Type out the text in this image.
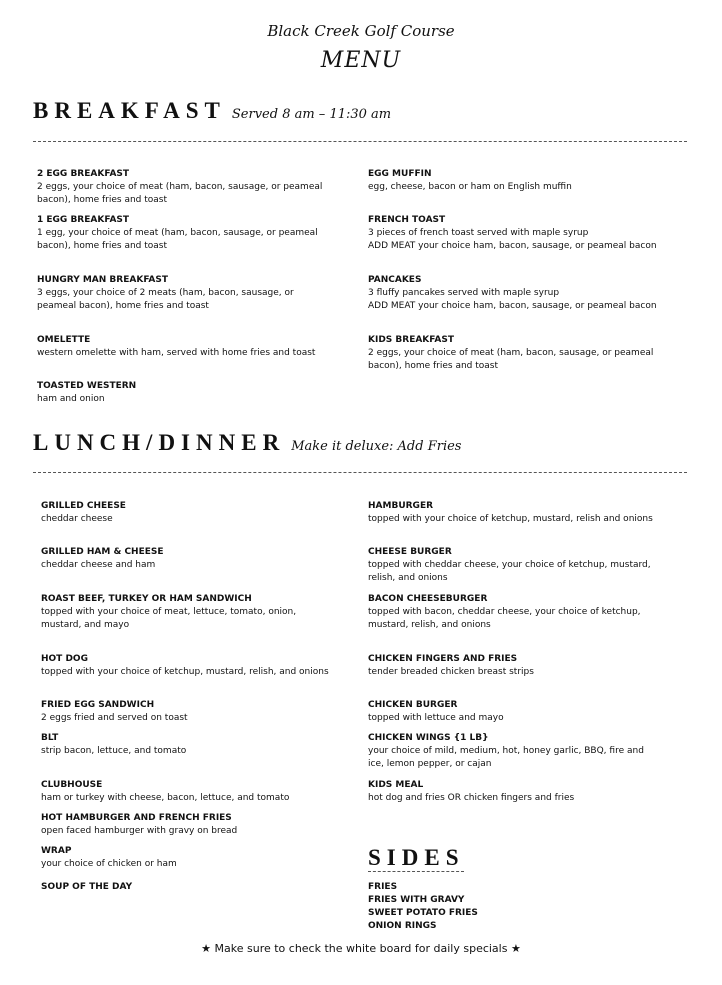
Black Creek Golf Course
MENU
BREAKFAST Served 8 am – 11:30 am
2 EGG BREAKFAST
2 eggs, your choice of meat (ham, bacon, sausage, or peameal bacon), home fries and toast
1 EGG BREAKFAST
1 egg, your choice of meat (ham, bacon, sausage, or peameal bacon), home fries and toast
HUNGRY MAN BREAKFAST
3 eggs, your choice of 2 meats (ham, bacon, sausage, or peameal bacon), home fries and toast
OMELETTE
western omelette with ham, served with home fries and toast
TOASTED WESTERN
ham and onion
EGG MUFFIN
egg, cheese, bacon or ham on English muffin
FRENCH TOAST
3 pieces of french toast served with maple syrup
ADD MEAT your choice ham, bacon, sausage, or peameal bacon
PANCAKES
3 fluffy pancakes served with maple syrup
ADD MEAT your choice ham, bacon, sausage, or peameal bacon
KIDS BREAKFAST
2 eggs, your choice of meat (ham, bacon, sausage, or peameal bacon), home fries and toast
LUNCH/DINNER Make it deluxe: Add Fries
GRILLED CHEESE
cheddar cheese
GRILLED HAM & CHEESE
cheddar cheese and ham
ROAST BEEF, TURKEY OR HAM SANDWICH
topped with your choice of meat, lettuce, tomato, onion, mustard, and mayo
HOT DOG
topped with your choice of ketchup, mustard, relish, and onions
FRIED EGG SANDWICH
2 eggs fried and served on toast
BLT
strip bacon, lettuce, and tomato
CLUBHOUSE
ham or turkey with cheese, bacon, lettuce, and tomato
HOT HAMBURGER AND FRENCH FRIES
open faced hamburger with gravy on bread
WRAP
your choice of chicken or ham
SOUP OF THE DAY
HAMBURGER
topped with your choice of ketchup, mustard, relish and onions
CHEESE BURGER
topped with cheddar cheese, your choice of ketchup, mustard, relish, and onions
BACON CHEESEBURGER
topped with bacon, cheddar cheese, your choice of ketchup, mustard, relish, and onions
CHICKEN FINGERS AND FRIES
tender breaded chicken breast strips
CHICKEN BURGER
topped with lettuce and mayo
CHICKEN WINGS {1 LB}
your choice of mild, medium, hot, honey garlic, BBQ, fire and ice, lemon pepper, or cajan
KIDS MEAL
hot dog and fries OR chicken fingers and fries
SIDES
FRIES
FRIES WITH GRAVY
SWEET POTATO FRIES
ONION RINGS
★ Make sure to check the white board for daily specials ★
